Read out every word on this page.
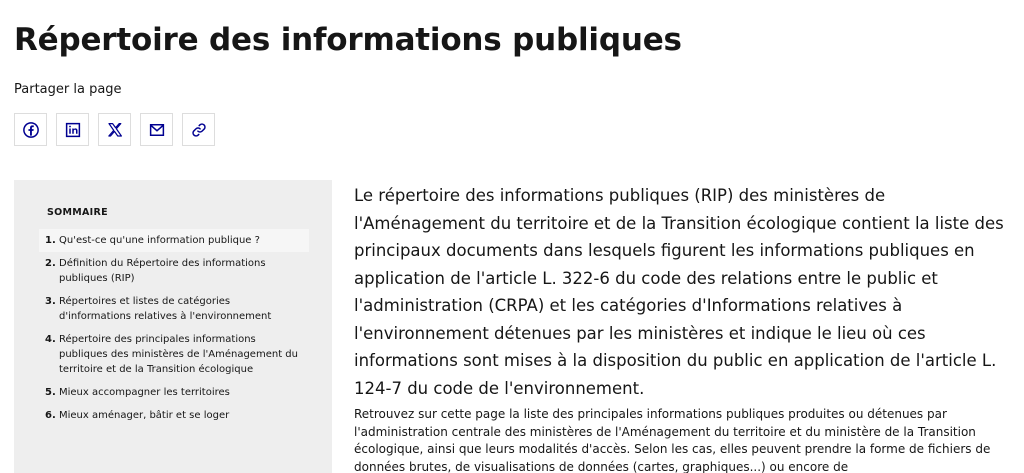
Répertoire des informations publiques
Partager la page
SOMMAIRE
1. Qu'est-ce qu'une information publique ?
2. Définition du Répertoire des informations publiques (RIP)
3. Répertoires et listes de catégories d'informations relatives à l'environnement
4. Répertoire des principales informations publiques des ministères de l'Aménagement du territoire et de la Transition écologique
5. Mieux accompagner les territoires
6. Mieux aménager, bâtir et se loger

Le répertoire des informations publiques (RIP) des ministères de l'Aménagement du territoire et de la Transition écologique contient la liste des principaux documents dans lesquels figurent les informations publiques en application de l'article L. 322-6 du code des relations entre le public et l'administration (CRPA) et les catégories d'Informations relatives à l'environnement détenues par les ministères et indique le lieu où ces informations sont mises à la disposition du public en application de l'article L. 124-7 du code de l'environnement.

Retrouvez sur cette page la liste des principales informations publiques produites ou détenues par l'administration centrale des ministères de l'Aménagement du territoire et du ministère de la Transition écologique, ainsi que leurs modalités d'accès. Selon les cas, elles peuvent prendre la forme de fichiers de données brutes, de visualisations de données (cartes, graphiques...) ou encore de
